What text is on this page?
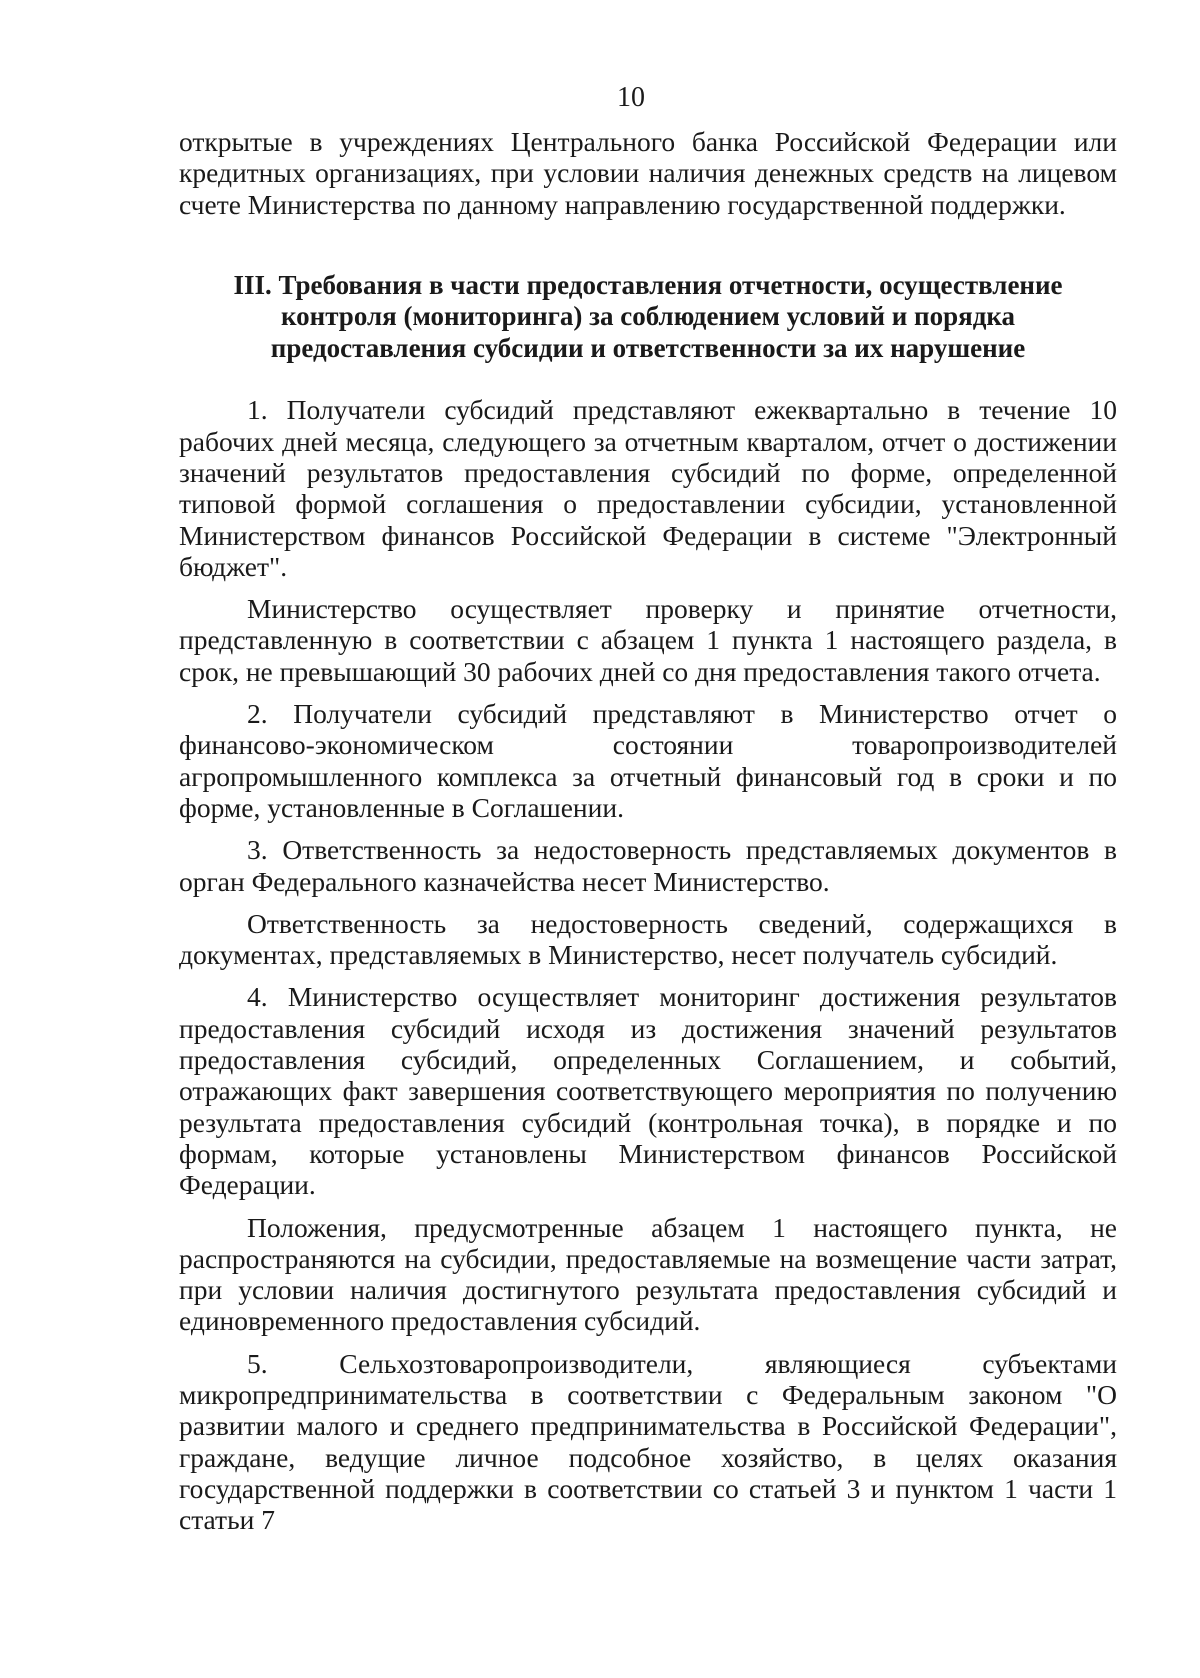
10

открытые в учреждениях Центрального банка Российской Федерации или кредитных организациях, при условии наличия денежных средств на лицевом счете Министерства по данному направлению государственной поддержки.

III. Требования в части предоставления отчетности, осуществление
контроля (мониторинга) за соблюдением условий и порядка
предоставления субсидии и ответственности за их нарушение

1. Получатели субсидий представляют ежеквартально в течение 10 рабочих дней месяца, следующего за отчетным кварталом, отчет о достижении значений результатов предоставления субсидий по форме, определенной типовой формой соглашения о предоставлении субсидии, установленной Министерством финансов Российской Федерации в системе "Электронный бюджет".

Министерство осуществляет проверку и принятие отчетности, представленную в соответствии с абзацем 1 пункта 1 настоящего раздела, в срок, не превышающий 30 рабочих дней со дня предоставления такого отчета.

2. Получатели субсидий представляют в Министерство отчет о финансово-экономическом состоянии товаропроизводителей агропромышленного комплекса за отчетный финансовый год в сроки и по форме, установленные в Соглашении.

3. Ответственность за недостоверность представляемых документов в орган Федерального казначейства несет Министерство.

Ответственность за недостоверность сведений, содержащихся в документах, представляемых в Министерство, несет получатель субсидий.

4. Министерство осуществляет мониторинг достижения результатов предоставления субсидий исходя из достижения значений результатов предоставления субсидий, определенных Соглашением, и событий, отражающих факт завершения соответствующего мероприятия по получению результата предоставления субсидий (контрольная точка), в порядке и по формам, которые установлены Министерством финансов Российской Федерации.

Положения, предусмотренные абзацем 1 настоящего пункта, не распространяются на субсидии, предоставляемые на возмещение части затрат, при условии наличия достигнутого результата предоставления субсидий и единовременного предоставления субсидий.

5. Сельхозтоваропроизводители, являющиеся субъектами микропредпринимательства в соответствии с Федеральным законом "О развитии малого и среднего предпринимательства в Российской Федерации", граждане, ведущие личное подсобное хозяйство, в целях оказания государственной поддержки в соответствии со статьей 3 и пунктом 1 части 1 статьи 7
